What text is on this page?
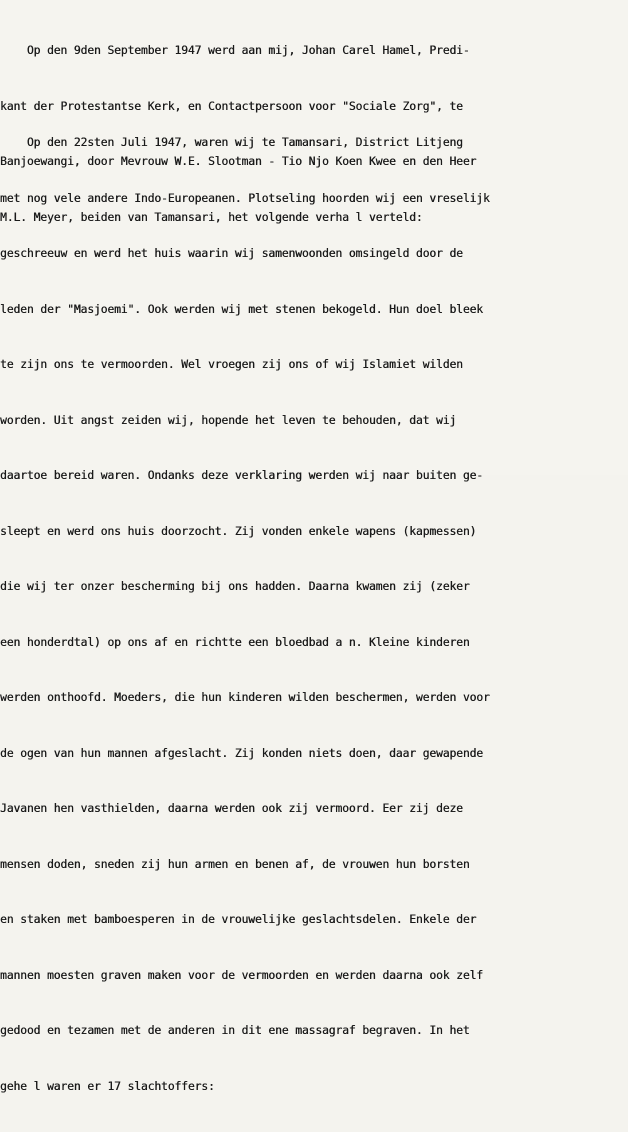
Op den 9den September 1947 werd aan mij, Johan Carel Hamel, Predi-

kant der Protestantse Kerk, en Contactpersoon voor "Sociale Zorg", te

Banjoewangi, door Mevrouw W.E. Slootman - Tio Njo Koen Kwee en den Heer

M.L. Meyer, beiden van Tamansari, het volgende verha l verteld:

Op den 22sten Juli 1947, waren wij te Tamansari, District Litjeng

met nog vele andere Indo-Europeanen. Plotseling hoorden wij een vreselijk

geschreeuw en werd het huis waarin wij samenwoonden omsingeld door de

leden der "Masjoemi". Ook werden wij met stenen bekogeld. Hun doel bleek

te zijn ons te vermoorden. Wel vroegen zij ons of wij Islamiet wilden

worden. Uit angst zeiden wij, hopende het leven te behouden, dat wij

daartoe bereid waren. Ondanks deze verklaring werden wij naar buiten ge-

sleept en werd ons huis doorzocht. Zij vonden enkele wapens (kapmessen)

die wij ter onzer bescherming bij ons hadden. Daarna kwamen zij (zeker

een honderdtal) op ons af en richtte een bloedbad a n. Kleine kinderen

werden onthoofd. Moeders, die hun kinderen wilden beschermen, werden voor

de ogen van hun mannen afgeslacht. Zij konden niets doen, daar gewapende

Javanen hen vasthielden, daarna werden ook zij vermoord. Eer zij deze

mensen doden, sneden zij hun armen en benen af, de vrouwen hun borsten

en staken met bamboesperen in de vrouwelijke geslachtsdelen. Enkele der

mannen moesten graven maken voor de vermoorden en werden daarna ook zelf

gedood en tezamen met de anderen in dit ene massagraf begraven. In het

gehe l waren er 17 slachtoffers:
